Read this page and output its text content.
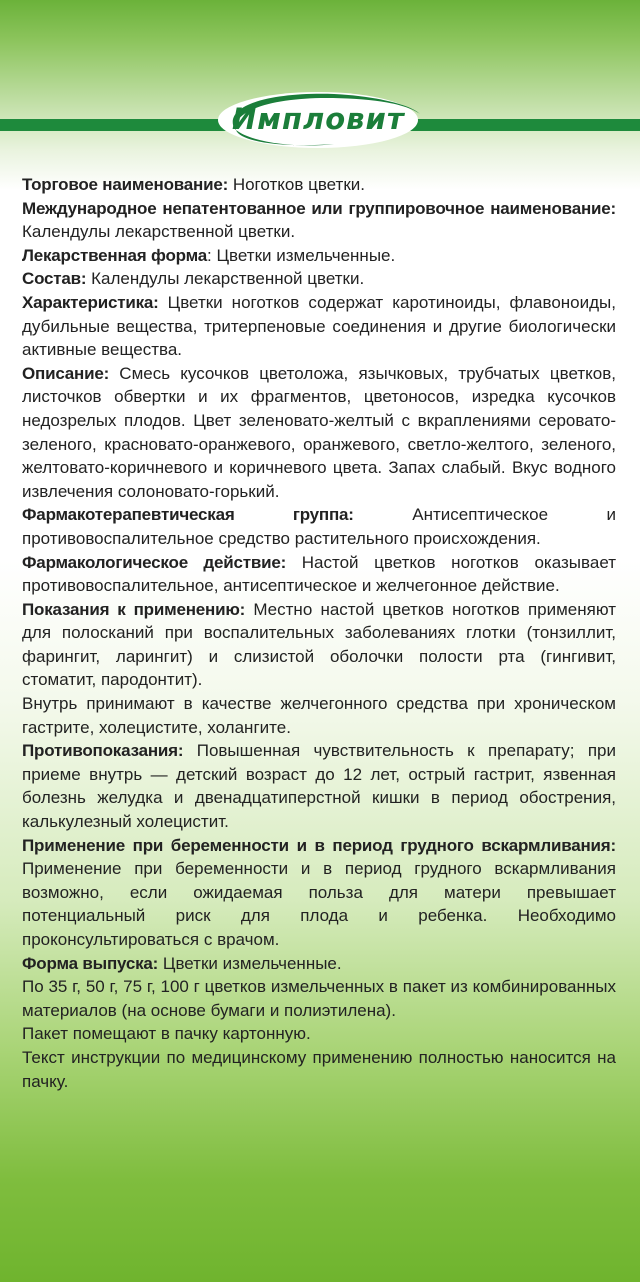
Импловит

Торговое наименование: Ноготков цветки.

Международное непатентованное или группировочное наименование: Календулы лекарственной цветки.

Лекарственная форма: Цветки измельченные.

Состав: Календулы лекарственной цветки.

Характеристика: Цветки ноготков содержат каротиноиды, флавоноиды, дубильные вещества, тритерпеновые соединения и другие биологически активные вещества.

Описание: Смесь кусочков цветоложа, язычковых, трубчатых цветков, листочков обвертки и их фрагментов, цветоносов, изредка кусочков недозрелых плодов. Цвет зеленовато-желтый с вкраплениями серовато-зеленого, красновато-оранжевого, оранжевого, светло-желтого, зеленого, желтовато-коричневого и коричневого цвета. Запах слабый. Вкус водного извлечения солоновато-горький.

Фармакотерапевтическая группа: Антисептическое и противовоспалительное средство растительного происхождения.

Фармакологическое действие: Настой цветков ноготков оказывает противовоспалительное, антисептическое и желчегонное действие.

Показания к применению: Местно настой цветков ноготков применяют для полосканий при воспалительных заболеваниях глотки (тонзиллит, фарингит, ларингит) и слизистой оболочки полости рта (гингивит, стоматит, пародонтит).

Внутрь принимают в качестве желчегонного средства при хроническом гастрите, холецистите, холангите.

Противопоказания: Повышенная чувствительность к препарату; при приеме внутрь — детский возраст до 12 лет, острый гастрит, язвенная болезнь желудка и двенадцатиперстной кишки в период обострения, калькулезный холецистит.

Применение при беременности и в период грудного вскармливания: Применение при беременности и в период грудного вскармливания возможно, если ожидаемая польза для матери превышает потенциальный риск для плода и ребенка. Необходимо проконсультироваться с врачом.

Форма выпуска: Цветки измельченные.

По 35 г, 50 г, 75 г, 100 г цветков измельченных в пакет из комбинированных материалов (на основе бумаги и полиэтилена).

Пакет помещают в пачку картонную.

Текст инструкции по медицинскому применению полностью наносится на пачку.
